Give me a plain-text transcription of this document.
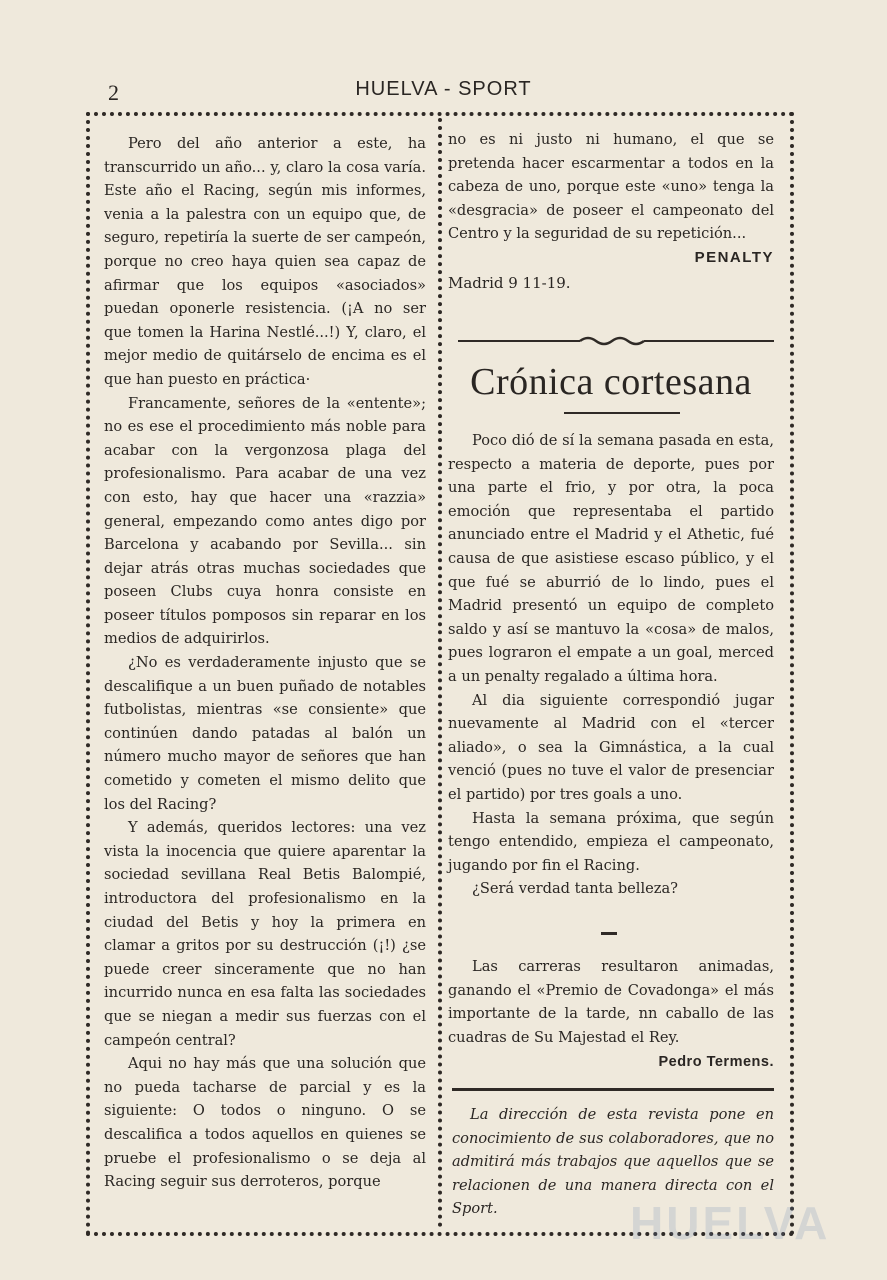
2	HUELVA - SPORT

Pero del año anterior a este, ha transcurrido un año... y, claro la cosa varía. Este año el Racing, según mis informes, venia a la palestra con un equipo que, de seguro, repetiría la suerte de ser campeón, porque no creo haya quien sea capaz de afirmar que los equipos «asociados» puedan oponerle resistencia. (¡A no ser que tomen la Harina Nestlé...!) Y, claro, el mejor medio de quitárselo de encima es el que han puesto en práctica·

Francamente, señores de la «entente»; no es ese el procedimiento más noble para acabar con la vergonzosa plaga del profesionalismo. Para acabar de una vez con esto, hay que hacer una «razzia» general, empezando como antes digo por Barcelona y acabando por Sevilla... sin dejar atrás otras muchas sociedades que poseen Clubs cuya honra consiste en poseer títulos pomposos sin reparar en los medios de adquirirlos.

¿No es verdaderamente injusto que se descalifique a un buen puñado de notables futbolistas, mientras «se consiente» que continúen dando patadas al balón un número mucho mayor de señores que han cometido y cometen el mismo delito que los del Racing?

Y además, queridos lectores: una vez vista la inocencia que quiere aparentar la sociedad sevillana Real Betis Balompié, introductora del profesionalismo en la ciudad del Betis y hoy la primera en clamar a gritos por su destrucción (¡!) ¿se puede creer sinceramente que no han incurrido nunca en esa falta las sociedades que se niegan a medir sus fuerzas con el campeón central?

Aqui no hay más que una solución que no pueda tacharse de parcial y es la siguiente: O todos o ninguno. O se descalifica a todos aquellos en quienes se pruebe el profesionalismo o se deja al Racing seguir sus derroteros, porque

no es ni justo ni humano, el que se pretenda hacer escarmentar a todos en la cabeza de uno, porque este «uno» tenga la «desgracia» de poseer el campeonato del Centro y la seguridad de su repetición...

PENALTY
Madrid 9 11-19.
Crónica cortesana

Poco dió de sí la semana pasada en esta, respecto a materia de deporte, pues por una parte el frio, y por otra, la poca emoción que representaba el partido anunciado entre el Madrid y el Athetic, fué causa de que asistiese escaso público, y el que fué se aburrió de lo lindo, pues el Madrid presentó un equipo de completo saldo y así se mantuvo la «cosa» de malos, pues lograron el empate a un goal, merced a un penalty regalado a última hora.

Al dia siguiente correspondió jugar nuevamente al Madrid con el «tercer aliado», o sea la Gimnástica, a la cual venció (pues no tuve el valor de presenciar el partido) por tres goals a uno.

Hasta la semana próxima, que según tengo entendido, empieza el campeonato, jugando por fin el Racing.

¿Será verdad tanta belleza?

Las carreras resultaron animadas, ganando el «Premio de Covadonga» el más importante de la tarde, nn caballo de las cuadras de Su Majestad el Rey.

Pedro Termens.

La dirección de esta revista pone en conocimiento de sus colaboradores, que no admitirá más trabajos que aquellos que se relacionen de una manera directa con el Sport.	HUELVA
